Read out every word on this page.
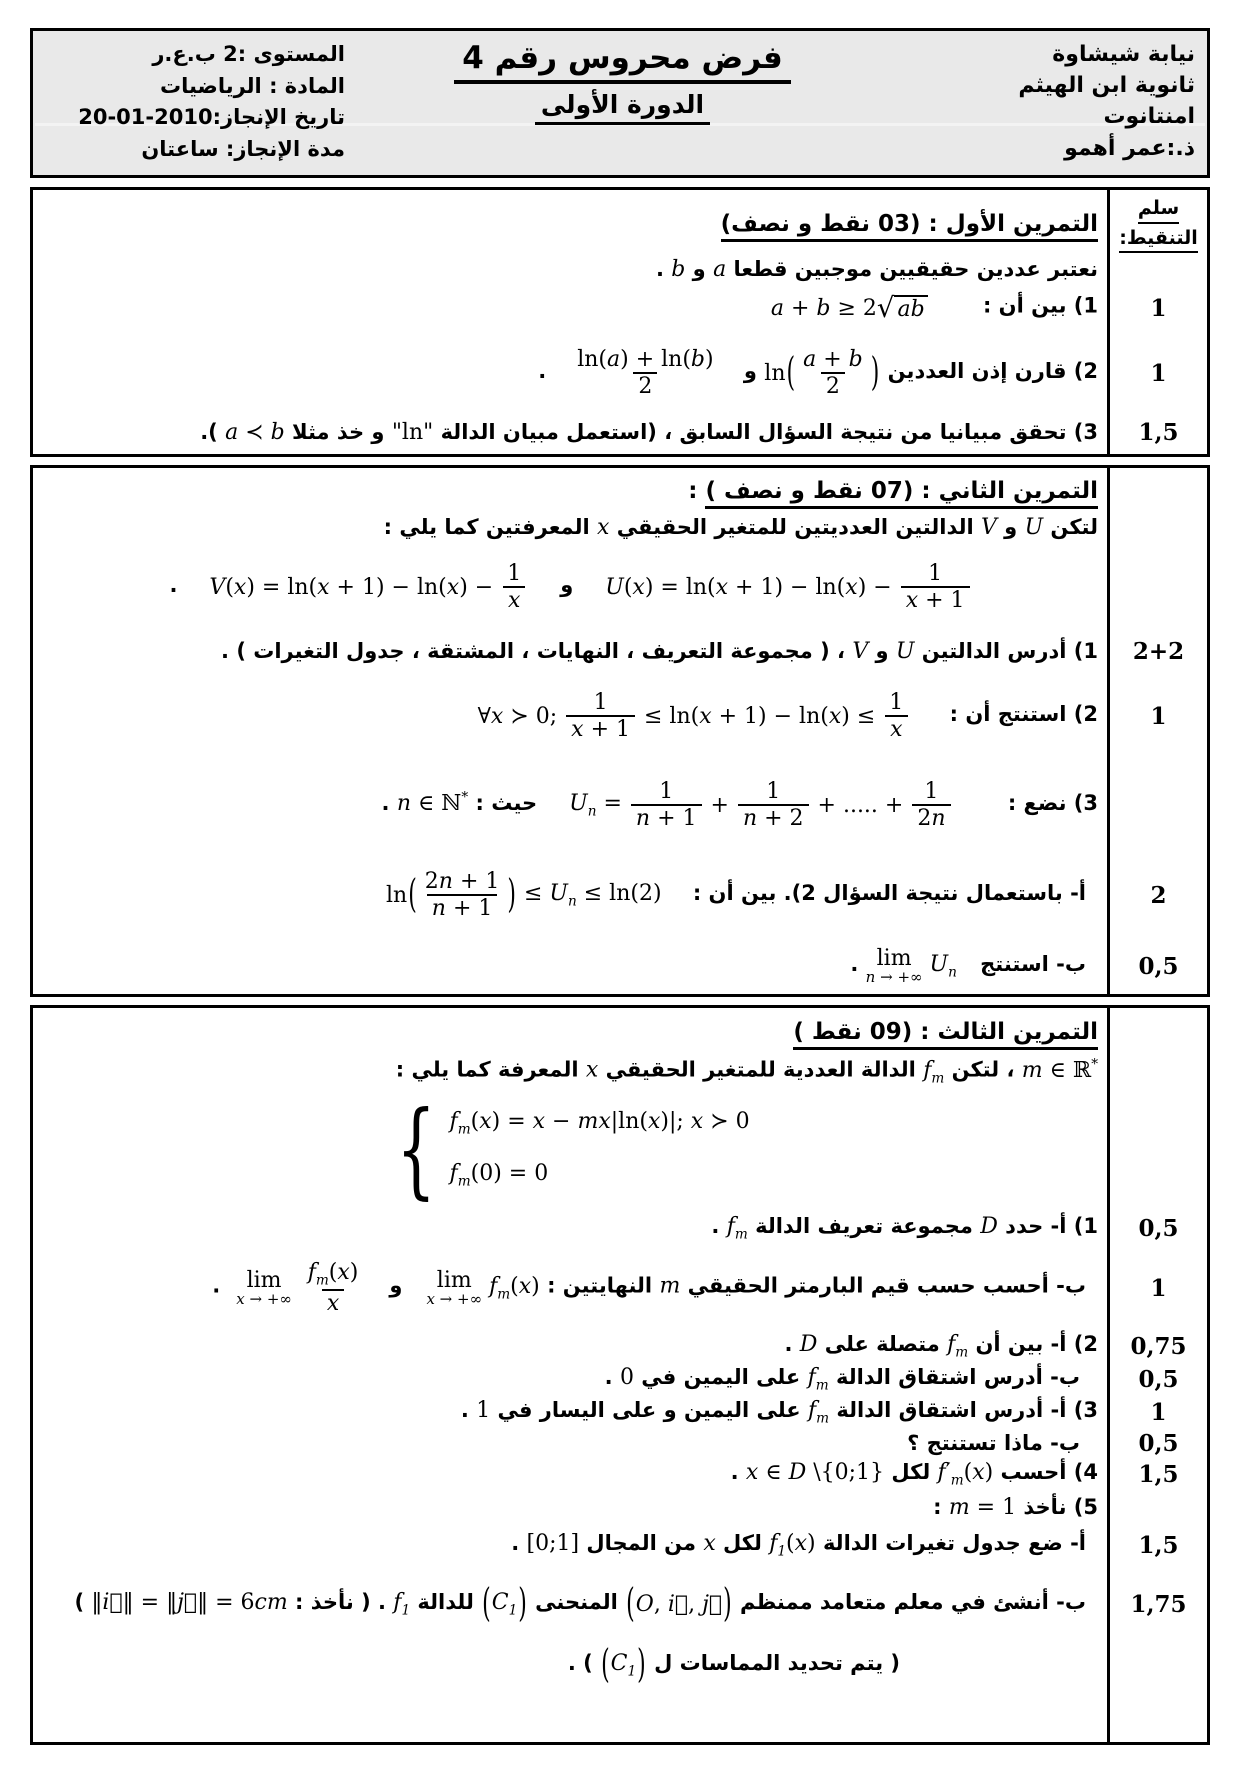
نيابة شيشاوة
ثانوية ابن الهيثم
امنتانوت
ذ.:عمر أهمو
فرض محروس رقم 4
الدورة الأولى
المستوى :2 ب.ع.ر
المادة : الرياضيات
تاريخ الإنجاز:2010-01-20
مدة الإنجاز: ساعتان
سلم
التنقيط:
التمرين الأول : (03 نقط و نصف)
نعتبر عددين حقيقيين موجبين قطعا a و b .
1
1) بين أن :
a + b ≥ 2 √ ab
1
2) قارن إذن العددين
ln ( $\frac{a + b}{2}$ )
و
$\frac{\ln(a) + \ln(b)}{2}$
.
1,5
3) تحقق مبيانيا من نتيجة السؤال السابق ، (استعمل مبيان الدالة "ln" و خذ مثلا a ≺ b ).
التمرين الثاني : (07 نقط و نصف ) :
لتكن U و V الدالتين العدديتين للمتغير الحقيقي x المعرفتين كما يلي :
$U(x) = \ln(x + 1) - \ln(x) - \frac{1}{x + 1}$
و
$V(x) = \ln(x + 1) - \ln(x) - \frac{1}{x}$
.
2+2
1) أدرس الدالتين U و V ، ( مجموعة التعريف ، النهايات ، المشتقة ، جدول التغيرات ) .
1
2) استنتج أن :
∀x ≻ 0; $\frac{1}{x + 1} \le \ln(x + 1) - \ln(x) \le \frac{1}{x}$
3) نضع :
$U_n = \frac{1}{n + 1} + \frac{1}{n + 2}$ + ..... + $\frac{1}{2n}$
حيث : n ∈ ℕ* .
2
أ- باستعمال نتيجة السؤال 2). بين أن :
ln ( $\frac{2n + 1}{n + 1}$ ) ≤ $U_n \le \ln(2)$
0,5
ب- استنتج
lim
n → +∞ $U_n$
.
التمرين الثالث : (09 نقط )
m ∈ ℝ* ، لتكن $f_m$ الدالة العددية للمتغير الحقيقي x المعرفة كما يلي :
{ $f_m(x) = x - mx|\ln(x)|$; x ≻ 0
$f_m(0) = 0$
0,5
1) أ- حدد D مجموعة تعريف الدالة $f_m$ .
1
ب- أحسب حسب قيم البارمتر الحقيقي m النهايتين :
lim
x → +∞ $f_m(x)$
و
lim
x → +∞ $\frac{f_m(x)}{x}$
.
0,75
2) أ- بين أن $f_m$ متصلة على D .
0,5
ب- أدرس اشتقاق الدالة $f_m$ على اليمين في 0 .
1
3) أ- أدرس اشتقاق الدالة $f_m$ على اليمين و على اليسار في 1 .
0,5
ب- ماذا تستنتج ؟
1,5
4) أحسب $f'_m(x)$ لكل x ∈ D \{0;1} .
5) نأخذ m = 1 :
1,5
أ- ضع جدول تغيرات الدالة $f_1(x)$ لكل x من المجال [0;1] .
1,75
ب- أنشئ في معلم متعامد ممنظم
( O, i⃗, j⃗ )
المنحنى
( $C_1$ )
للدالة $f_1$ . ( نأخذ : ‖i⃗‖ = ‖j⃗‖ = 6cm )
( يتم تحديد المماسات ل
( $C_1$ )
) .
